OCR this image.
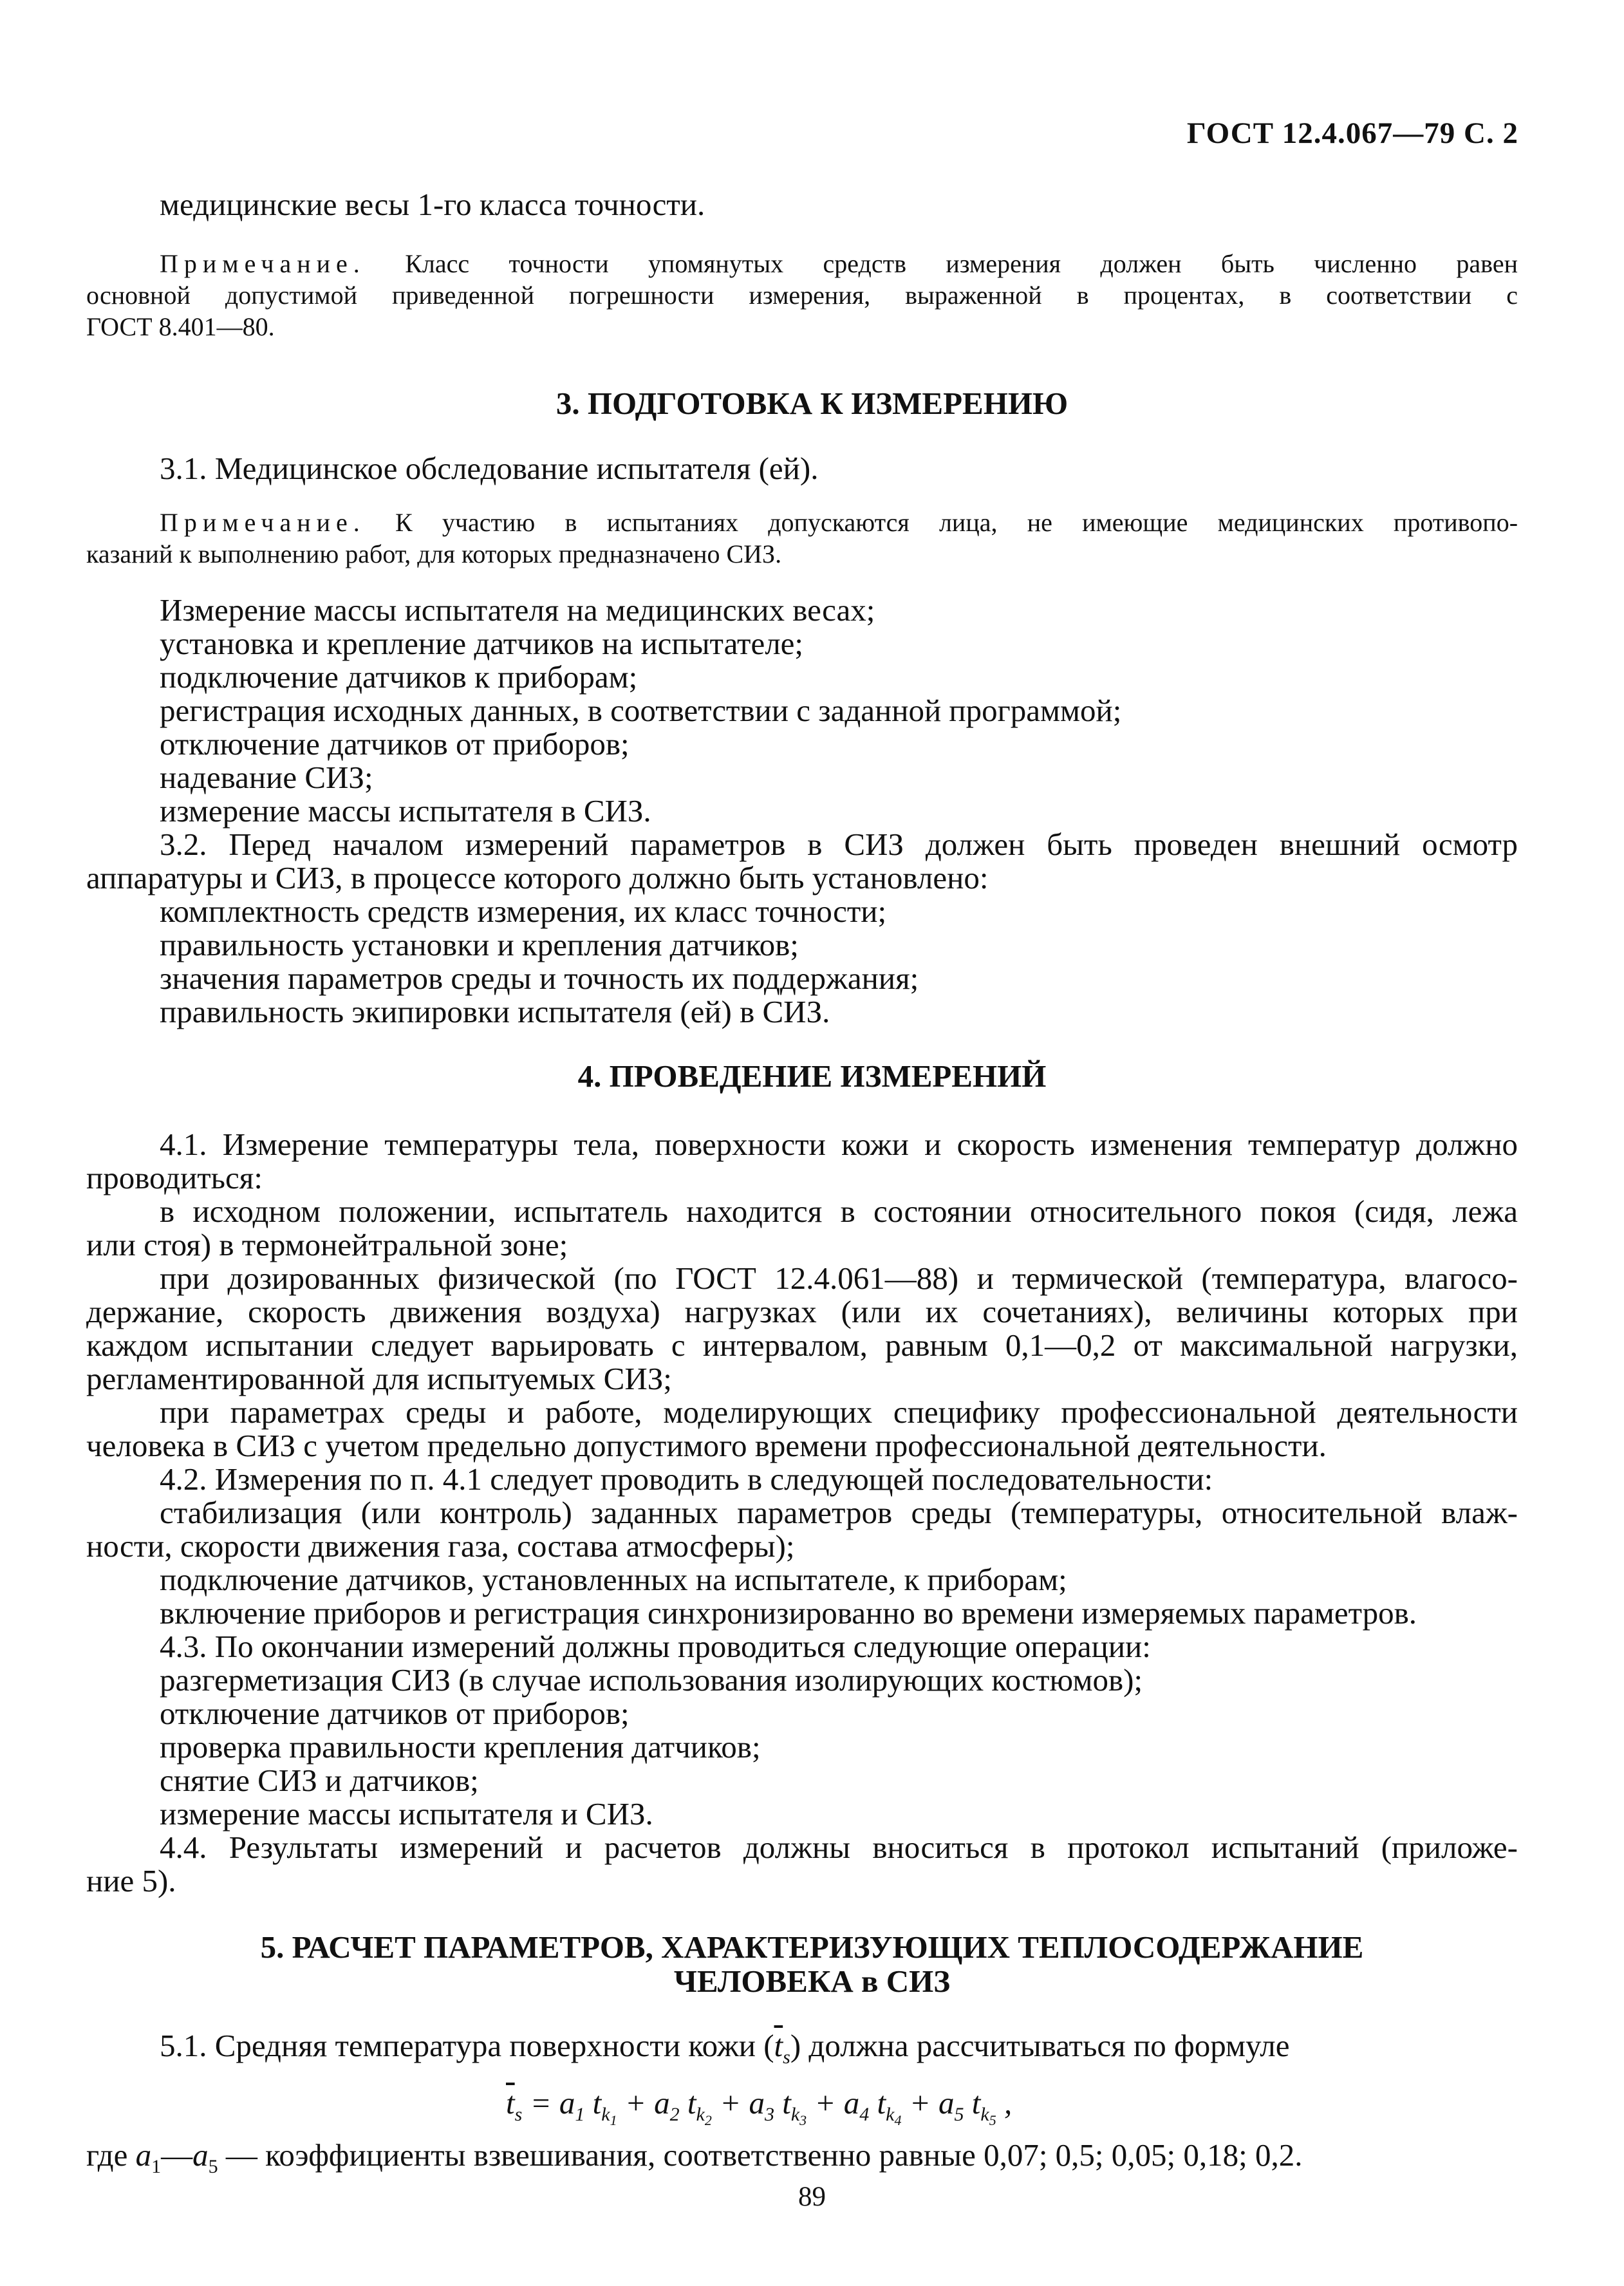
ГОСТ 12.4.067—79 С. 2
медицинские весы 1-го класса точности.
Примечание. Класс точности упомянутых средств измерения должен быть численно равен
основной допустимой приведенной погрешности измерения, выраженной в процентах, в соответствии с
ГОСТ 8.401—80.
3. ПОДГОТОВКА К ИЗМЕРЕНИЮ
3.1. Медицинское обследование испытателя (ей).
Примечание. К участию в испытаниях допускаются лица, не имеющие медицинских противопо-
казаний к выполнению работ, для которых предназначено СИЗ.
Измерение массы испытателя на медицинских весах;
установка и крепление датчиков на испытателе;
подключение датчиков к приборам;
регистрация исходных данных, в соответствии с заданной программой;
отключение датчиков от приборов;
надевание СИЗ;
измерение массы испытателя в СИЗ.
3.2. Перед началом измерений параметров в СИЗ должен быть проведен внешний осмотр
аппаратуры и СИЗ, в процессе которого должно быть установлено:
комплектность средств измерения, их класс точности;
правильность установки и крепления датчиков;
значения параметров среды и точность их поддержания;
правильность экипировки испытателя (ей) в СИЗ.
4. ПРОВЕДЕНИЕ ИЗМЕРЕНИЙ
4.1. Измерение температуры тела, поверхности кожи и скорость изменения температур должно
проводиться:
в исходном положении, испытатель находится в состоянии относительного покоя (сидя, лежа
или стоя) в термонейтральной зоне;
при дозированных физической (по ГОСТ 12.4.061—88) и термической (температура, влагосо-
держание, скорость движения воздуха) нагрузках (или их сочетаниях), величины которых при
каждом испытании следует варьировать с интервалом, равным 0,1—0,2 от максимальной нагрузки,
регламентированной для испытуемых СИЗ;
при параметрах среды и работе, моделирующих специфику профессиональной деятельности
человека в СИЗ с учетом предельно допустимого времени профессиональной деятельности.
4.2. Измерения по п. 4.1 следует проводить в следующей последовательности:
стабилизация (или контроль) заданных параметров среды (температуры, относительной влаж-
ности, скорости движения газа, состава атмосферы);
подключение датчиков, установленных на испытателе, к приборам;
включение приборов и регистрация синхронизированно во времени измеряемых параметров.
4.3. По окончании измерений должны проводиться следующие операции:
разгерметизация СИЗ (в случае использования изолирующих костюмов);
отключение датчиков от приборов;
проверка правильности крепления датчиков;
снятие СИЗ и датчиков;
измерение массы испытателя и СИЗ.
4.4. Результаты измерений и расчетов должны вноситься в протокол испытаний (приложе-
ние 5).
5. РАСЧЕТ ПАРАМЕТРОВ, ХАРАКТЕРИЗУЮЩИХ ТЕПЛОСОДЕРЖАНИЕ
ЧЕЛОВЕКА в СИЗ
5.1. Средняя температура поверхности кожи $(\overline{t}_s)$ должна рассчитываться по формуле
$\overline{t}_s = a_1$ $t_{k_1} + a_2$ $t_{k_2} + a_3$ $t_{k_3} + a_4$ $t_{k_4} + a_5$ $t_{k_5}$ ,
где $a_1—a_5$ — коэффициенты взвешивания, соответственно равные 0,07; 0,5; 0,05; 0,18; 0,2.
89
